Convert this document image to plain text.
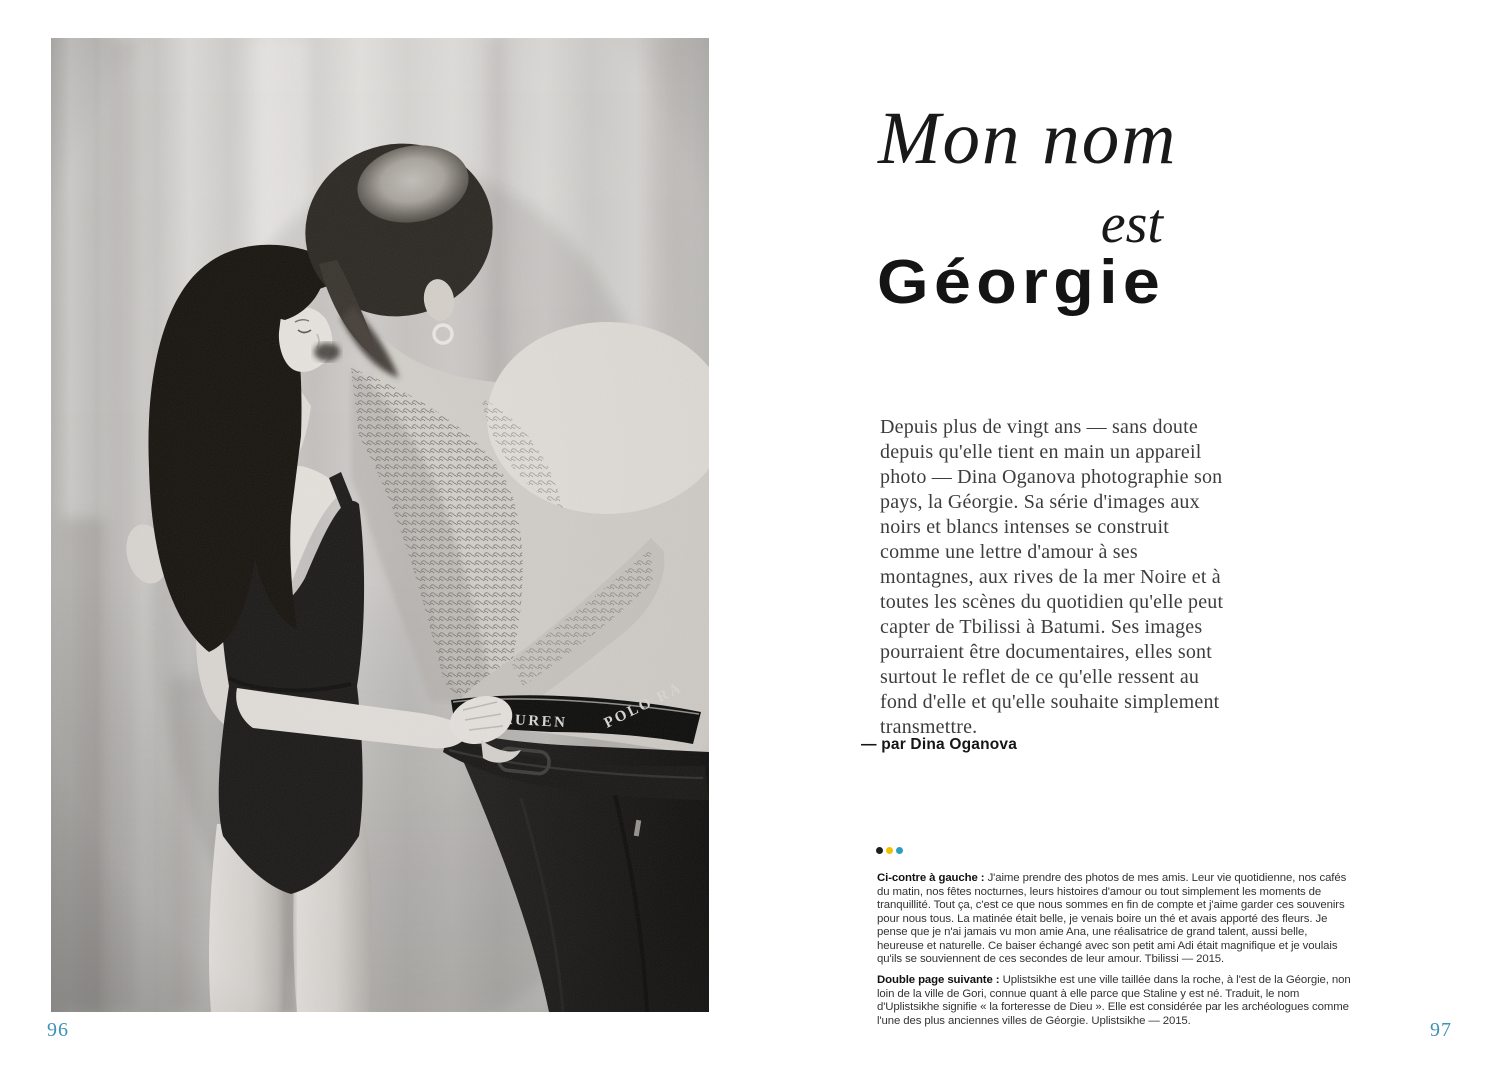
96	97
Mon nom
est
Géorgie

Depuis plus de vingt ans — sans doute depuis qu'elle tient en main un appareil photo — Dina Oganova photographie son pays, la Géorgie. Sa série d'images aux noirs et blancs intenses se construit comme une lettre d'amour à ses montagnes, aux rives de la mer Noire et à toutes les scènes du quotidien qu'elle peut capter de Tbilissi à Batumi. Ses images pourraient être documentaires, elles sont surtout le reflet de ce qu'elle ressent au fond d'elle et qu'elle souhaite simplement transmettre.

— par Dina Oganova

Ci-contre à gauche : J'aime prendre des photos de mes amis. Leur vie quotidienne, nos cafés du matin, nos fêtes nocturnes, leurs histoires d'amour ou tout simplement les moments de tranquillité. Tout ça, c'est ce que nous sommes en fin de compte et j'aime garder ces souvenirs pour nous tous. La matinée était belle, je venais boire un thé et avais apporté des fleurs. Je pense que je n'ai jamais vu mon amie Ana, une réalisatrice de grand talent, aussi belle, heureuse et naturelle. Ce baiser échangé avec son petit ami Adi était magnifique et je voulais qu'ils se souviennent de ces secondes de leur amour. Tbilissi — 2015.

Double page suivante : Uplistsikhe est une ville taillée dans la roche, à l'est de la Géorgie, non loin de la ville de Gori, connue quant à elle parce que Staline y est né. Traduit, le nom d'Uplistsikhe signifie « la forteresse de Dieu ». Elle est considérée par les archéologues comme l'une des plus anciennes villes de Géorgie. Uplistsikhe — 2015.
